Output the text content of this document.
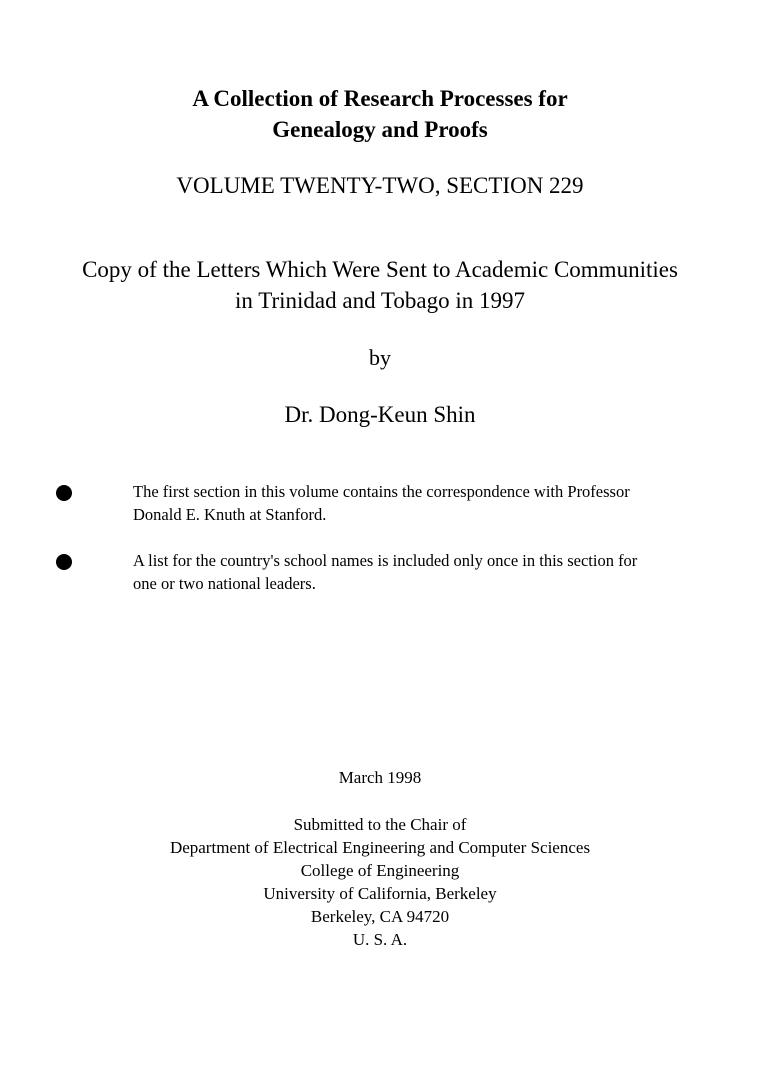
A Collection of Research Processes for
Genealogy and Proofs
VOLUME TWENTY-TWO, SECTION 229
Copy of the Letters Which Were Sent to Academic Communities
in Trinidad and Tobago in 1997
by
Dr. Dong-Keun Shin
The first section in this volume contains the correspondence with Professor
Donald E. Knuth at Stanford.
A list for the country's school names is included only once in this section for
one or two national leaders.
March 1998
Submitted to the Chair of
Department of Electrical Engineering and Computer Sciences
College of Engineering
University of California, Berkeley
Berkeley, CA 94720
U. S. A.
